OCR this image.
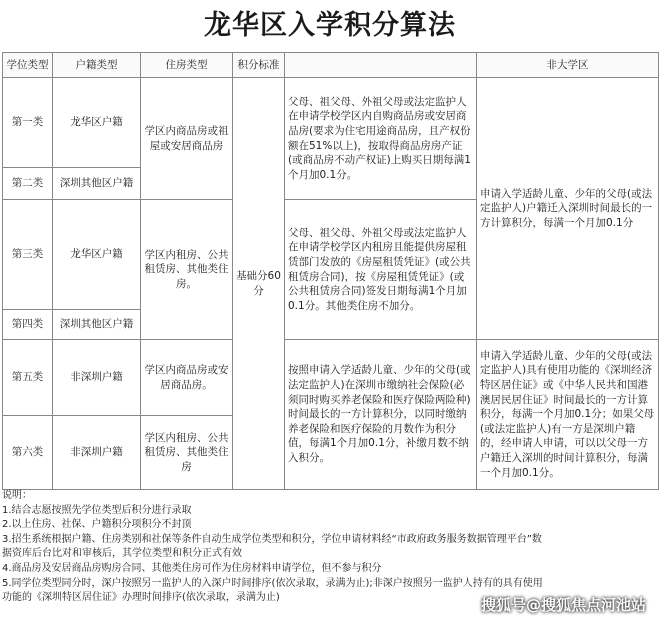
龙华区入学积分算法
学位类型	户籍类型	住房类型	积分标准		非大学区
第一类	龙华区户籍	学区内商品房或祖屋或安居商品房	基础分60分	父母、祖父母、外祖父母或法定监护人在申请学校学区内自购商品房或安居商品房(要求为住宅用途商品房，且产权份额在51%以上)，按取得商品房房产证(或商品房不动产权证)上购买日期每满1个月加0.1分。	申请入学适龄儿童、少年的父母(或法定监护人)户籍迁入深圳时间最长的一方计算积分，每满一个月加0.1分
第二类	深圳其他区户籍				
第三类	龙华区户籍	学区内租房、公共租赁房、其他类住房。		父母、祖父母、外祖父母或法定监护人在申请学校学区内租房且能提供房屋租赁部门发放的《房屋租赁凭证》(或公共租赁房合同)，按《房屋租赁凭证》(或公共租赁房合同)签发日期每满1个月加0.1分。其他类住房不加分。	
第四类	深圳其他区户籍				
第五类	非深圳户籍	学区内商品房或安居商品房。		按照申请入学适龄儿童、少年的父母(或法定监护人)在深圳市缴纳社会保险(必须同时购买养老保险和医疗保险两险种)时间最长的一方计算积分，以同时缴纳养老保险和医疗保险的月数作为积分值，每满1个月加0.1分，补缴月数不纳入积分。	申请入学适龄儿童、少年的父母(或法定监护人)具有使用功能的《深圳经济特区居住证》或《中华人民共和国港澳居民居住证》时间最长的一方计算积分，每满一个月加0.1分；如果父母(或法定监护人)有一方是深圳户籍的，经申请人申请，可以以父母一方户籍迁入深圳的时间计算积分，每满一个月加0.1分。
第六类	非深圳户籍	学区内租房、公共租赁房、其他类住房			
说明：
1.结合志愿按照先学位类型后积分进行录取
2.以上住房、社保、户籍积分项积分不封顶
3.招生系统根据户籍、住房类别和社保等条件自动生成学位类型和积分，学位申请材料经“市政府政务服务数据管理平台”数
据资库后台比对和审核后，其学位类型和积分正式有效
4.商品房及安居商品房购房合同、其他类住房可作为住房材料申请学位，但不参与积分
5.同学位类型同分时，深户按照另一监护人的入深户时间排序(依次录取，录满为止);非深户按照另一监护人持有的具有使用
功能的《深圳特区居住证》办理时间排序(依次录取，录满为止)	搜狐号@搜狐焦点河池站
